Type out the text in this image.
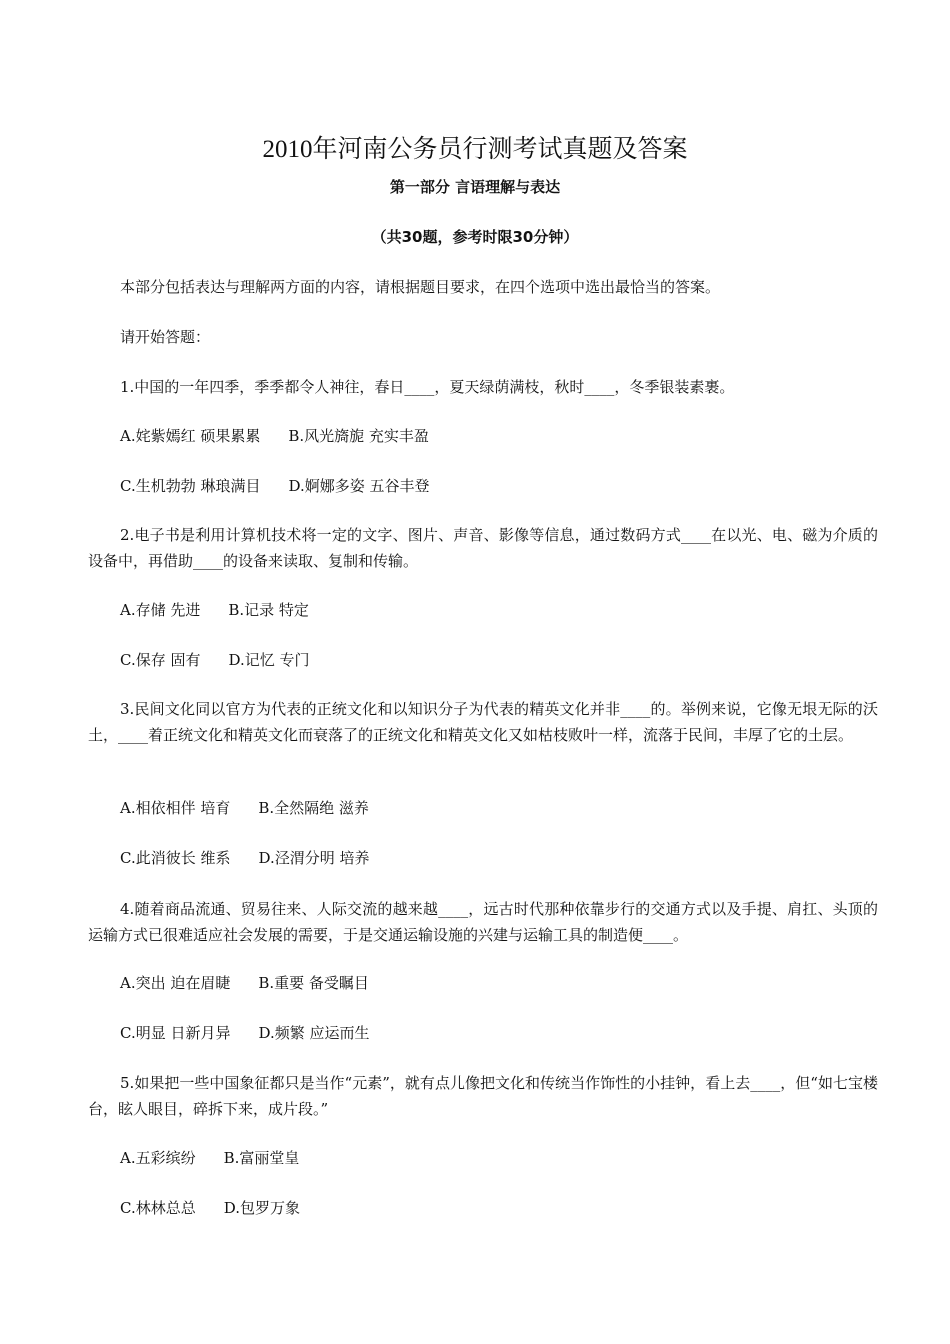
2010年河南公务员行测考试真题及答案
第一部分 言语理解与表达
（共30题，参考时限30分钟）
本部分包括表达与理解两方面的内容，请根据题目要求，在四个选项中选出最恰当的答案。
请开始答题：
1.中国的一年四季，季季都令人神往，春日____，夏天绿荫满枝，秋时____，冬季银装素裹。
A.姹紫嫣红 硕果累累 B.风光旖旎 充实丰盈
C.生机勃勃 琳琅满目 D.婀娜多姿 五谷丰登
2.电子书是利用计算机技术将一定的文字、图片、声音、影像等信息，通过数码方式____在以光、电、磁为介质的设备中，再借助____的设备来读取、复制和传输。
A.存储 先进 B.记录 特定
C.保存 固有 D.记忆 专门
3.民间文化同以官方为代表的正统文化和以知识分子为代表的精英文化并非____的。举例来说，它像无垠无际的沃土，____着正统文化和精英文化而衰落了的正统文化和精英文化又如枯枝败叶一样，流落于民间，丰厚了它的土层。
A.相依相伴 培育 B.全然隔绝 滋养
C.此消彼长 维系 D.泾渭分明 培养
4.随着商品流通、贸易往来、人际交流的越来越____，远古时代那种依靠步行的交通方式以及手提、肩扛、头顶的运输方式已很难适应社会发展的需要，于是交通运输设施的兴建与运输工具的制造便____。
A.突出 迫在眉睫 B.重要 备受瞩目
C.明显 日新月异 D.频繁 应运而生
5.如果把一些中国象征都只是当作“元素”，就有点儿像把文化和传统当作饰性的小挂钟，看上去____，但“如七宝楼台，眩人眼目，碎拆下来，成片段。”
A.五彩缤纷 B.富丽堂皇
C.林林总总 D.包罗万象
